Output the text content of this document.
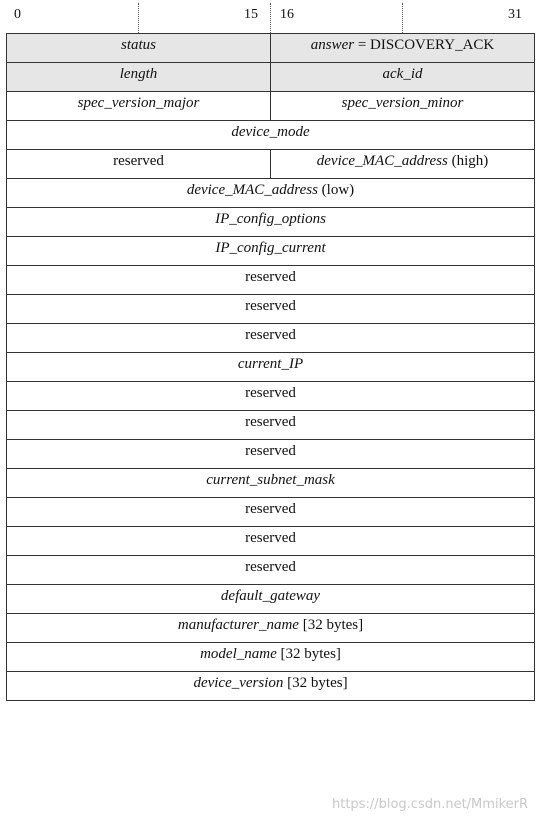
0	15 16	31
status	answer = DISCOVERY_ACK
length	ack_id
spec_version_major	spec_version_minor
device_mode	
reserved	device_MAC_address (high)
device_MAC_address (low)	
IP_config_options	
IP_config_current	
reserved	
reserved	
reserved	
current_IP	
reserved	
reserved	
reserved	
current_subnet_mask	
reserved	
reserved	
reserved	
default_gateway	
manufacturer_name [32 bytes]	
model_name [32 bytes]	
device_version [32 bytes]	
https://blog.csdn.net/MmikerR
